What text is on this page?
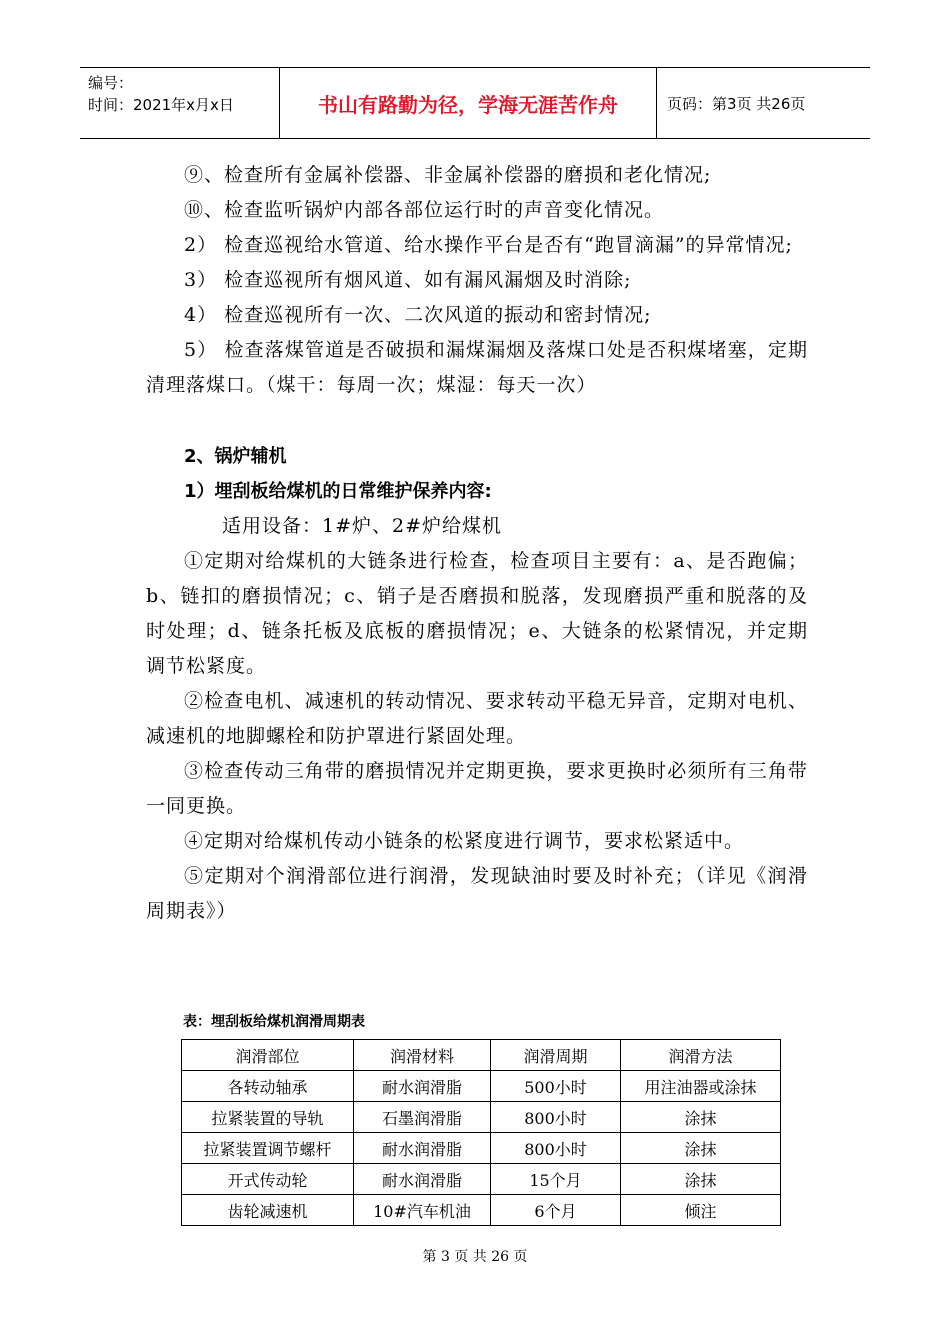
编号：
时间：2021年x月x日	书山有路勤为径，学海无涯苦作舟	页码：第3页 共26页

⑨、检查所有金属补偿器、非金属补偿器的磨损和老化情况;

⑩、检查监听锅炉内部各部位运行时的声音变化情况。

2） 检查巡视给水管道、给水操作平台是否有“跑冒滴漏”的异常情况;

3） 检查巡视所有烟风道、如有漏风漏烟及时消除;

4） 检查巡视所有一次、二次风道的振动和密封情况;

5） 检查落煤管道是否破损和漏煤漏烟及落煤口处是否积煤堵塞，定期清理落煤口。（煤干：每周一次；煤湿：每天一次）

2、锅炉辅机

1）埋刮板给煤机的日常维护保养内容:

适用设备：1#炉、2#炉给煤机

①定期对给煤机的大链条进行检查，检查项目主要有：a、是否跑偏；b、链扣的磨损情况；c、销子是否磨损和脱落，发现磨损严重和脱落的及时处理；d、链条托板及底板的磨损情况；e、大链条的松紧情况，并定期调节松紧度。

②检查电机、减速机的转动情况、要求转动平稳无异音，定期对电机、减速机的地脚螺栓和防护罩进行紧固处理。

③检查传动三角带的磨损情况并定期更换，要求更换时必须所有三角带一同更换。

④定期对给煤机传动小链条的松紧度进行调节，要求松紧适中。

⑤定期对个润滑部位进行润滑，发现缺油时要及时补充；（详见《润滑周期表》）

表：埋刮板给煤机润滑周期表
润滑部位	润滑材料	润滑周期	润滑方法
各转动轴承	耐水润滑脂	500小时	用注油器或涂抹
拉紧装置的导轨	石墨润滑脂	800小时	涂抹
拉紧装置调节螺杆	耐水润滑脂	800小时	涂抹
开式传动轮	耐水润滑脂	15个月	涂抹
齿轮减速机	10#汽车机油	6个月	倾注
第 3 页 共 26 页
